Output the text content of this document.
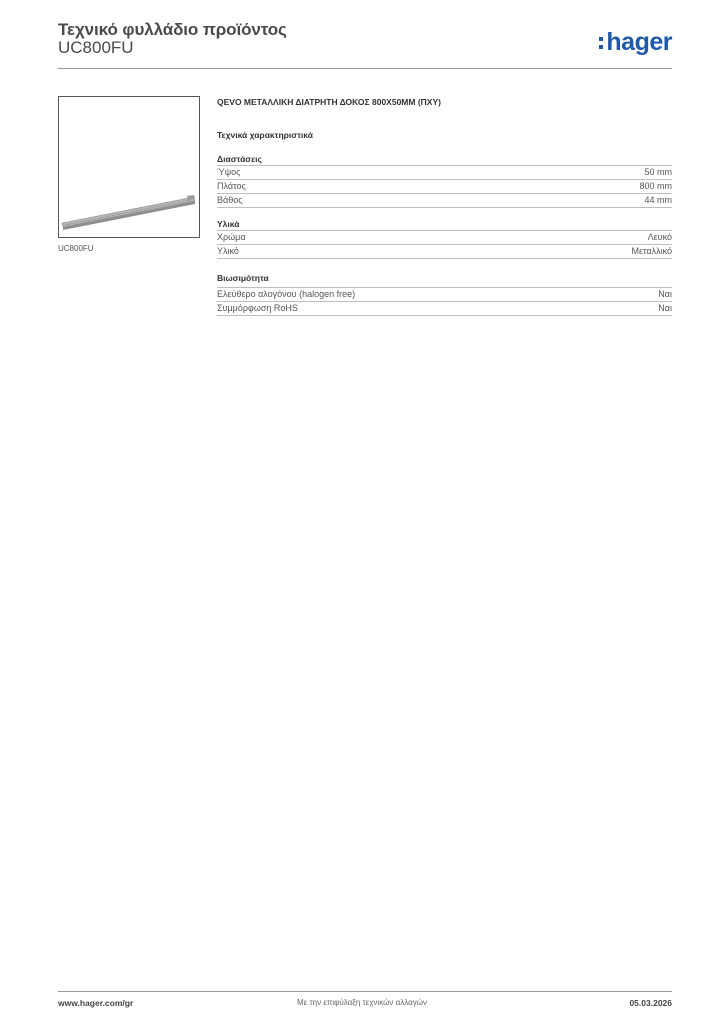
Τεχνικό φυλλάδιο προϊόντος
UC800FU	hager
UC800FU
QEVO ΜΕΤΑΛΛΙΚΗ ΔΙΑΤΡΗΤΗ ΔΟΚΟΣ 800X50MM (ΠΧΥ)
Τεχνικά χαρακτηριστικά
Διαστάσεις
Ύψος	50 mm
Πλάτος	800 mm
Βάθος	44 mm
Υλικά
Χρώμα	Λευκό
Υλικό	Μεταλλικό
Βιωσιμότητα
Ελεύθερο αλογόνου (halogen free)	Ναι
Συμμόρφωση RoHS	Ναι
www.hager.com/gr	Με την επιφύλαξη τεχνικών αλλαγών	05.03.2026
